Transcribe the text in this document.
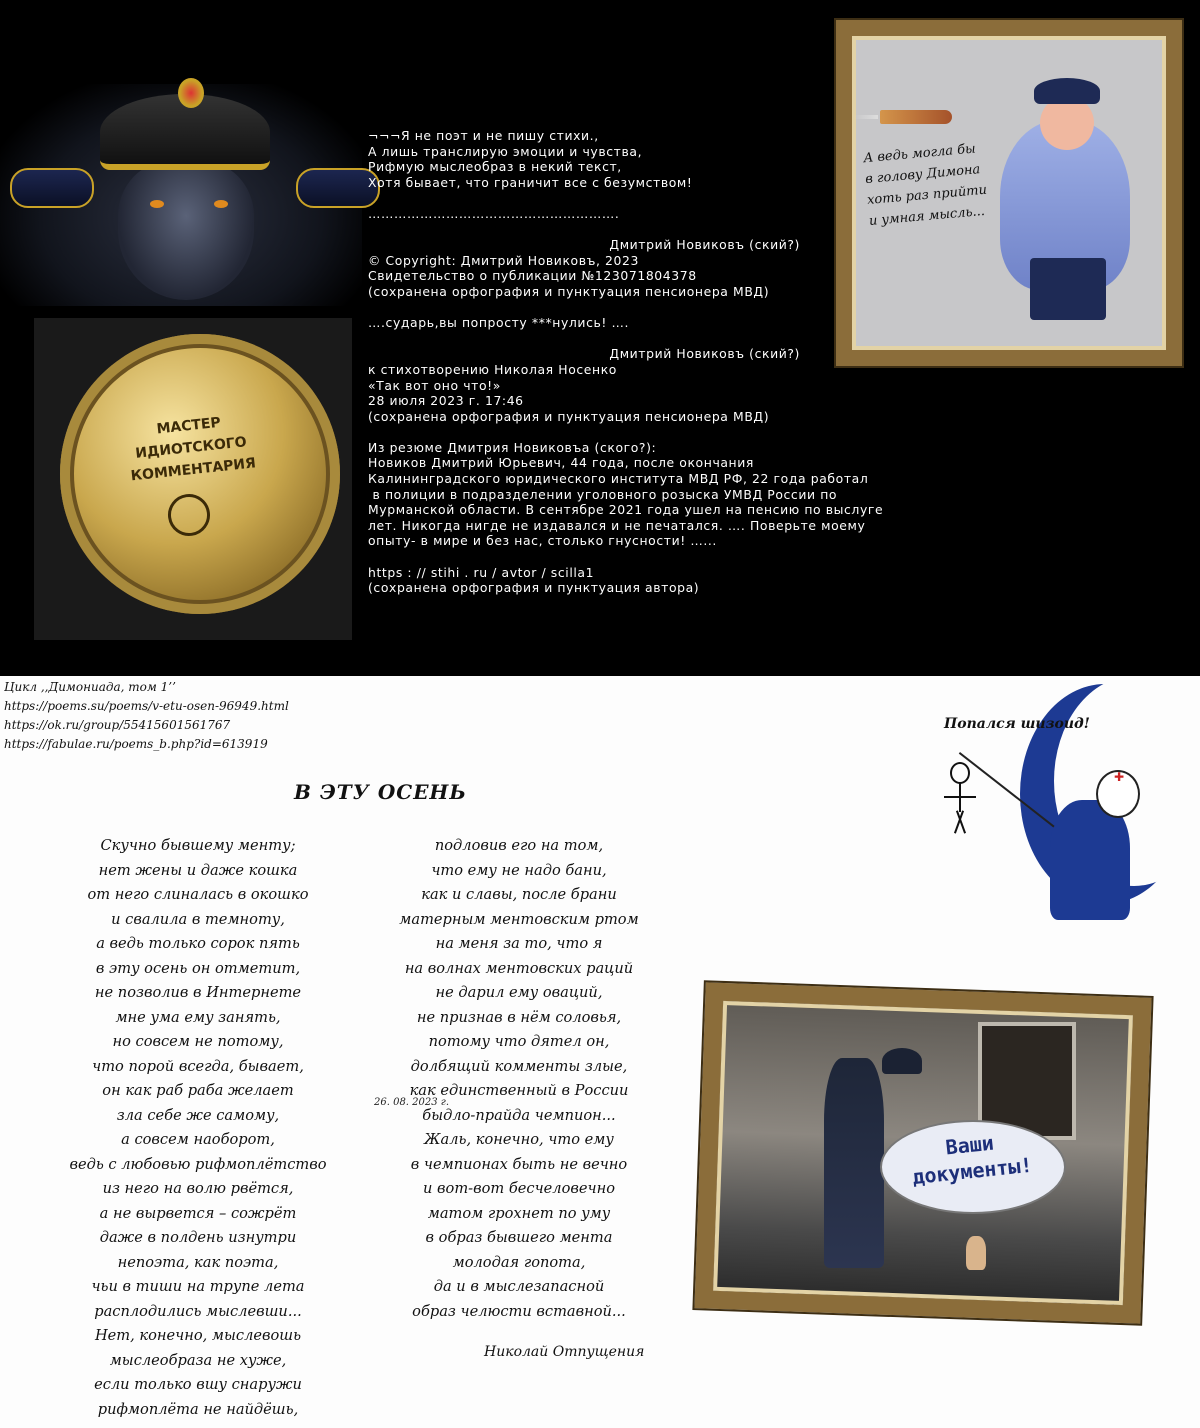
МАСТЕР
ИДИОТСКОГО
КОММЕНТАРИЯ

¬¬¬Я не поэт и не пишу стихи.,

А лишь транслирую эмоции и чувства,

Рифмую мыслеобраз в некий текст,

Хотя бывает, что граничит все с безумством!

………………………………………………….

Дмитрий Новиковъ (ский?)

© Copyright: Дмитрий Новиковъ, 2023

Свидетельство о публикации №123071804378

(сохранена орфография и пунктуация пенсионера МВД)

….сударь,вы попросту ***нулись! ….

Дмитрий Новиковъ (ский?)

к стихотворению Николая Носенко

«Так вот оно что!»

28 июля 2023 г. 17:46

(сохранена орфография и пунктуация пенсионера МВД)

Из резюме Дмитрия Новиковъа (ского?):

Новиков Дмитрий Юрьевич, 44 года, после окончания

Калининградского юридического института МВД РФ, 22 года работал

в полиции в подразделении уголовного розыска УМВД России по

Мурманской области. В сентябре 2021 года ушел на пенсию по выслуге

лет. Никогда нигде не издавался и не печатался. …. Поверьте моему

опыту- в мире и без нас, столько гнусности! …...

https : // stihi . ru / avtor / scilla1

(сохранена орфография и пунктуация автора)

А ведь могла бы
в голову Димона
хоть раз прийти
и умная мысль...

Цикл ,,Димониада, том 1’’

https://poems.su/poems/v-etu-osen-96949.html

https://ok.ru/group/55415601561767

https://fabulae.ru/poems_b.php?id=613919

В ЭТУ ОСЕНЬ

Скучно бывшему менту;

нет жены и даже кошка

от него слиналась в окошко

и свалила в темноту,

а ведь только сорок пять

в эту осень он отметит,

не позволив в Интернете

мне ума ему занять,

но совсем не потому,

что порой всегда, бывает,

он как раб раба желает

зла себе же самому,

а совсем наоборот,

ведь с любовью рифмоплётство

из него на волю рвётся,

а не вырвется – сожрёт

даже в полдень изнутри

непоэта, как поэта,

чьи в тиши на трупе лета

расплодились мыслевши...

Нет, конечно, мыслевошь

мыслеобраза не хуже,

если только вшу снаружи

рифмоплёта не найдёшь,

подловив его на том,

что ему не надо бани,

как и славы, после брани

матерным ментовским ртом

на меня за то, что я

на волнах ментовских раций

не дарил ему оваций,

не признав в нём соловья,

потому что дятел он,

долбящий комменты злые,

как единственный в России

быдло-прайда чемпион...

Жаль, конечно, что ему

в чемпионах быть не вечно

и вот-вот бесчеловечно

матом грохнет по уму

в образ бывшего мента

молодая гопота,

да и в мыслезапасной

образ челюсти вставной...

26. 08. 2023 г.
Николай Отпущения
✚
Попался шизоид!
Ваши
документы!
